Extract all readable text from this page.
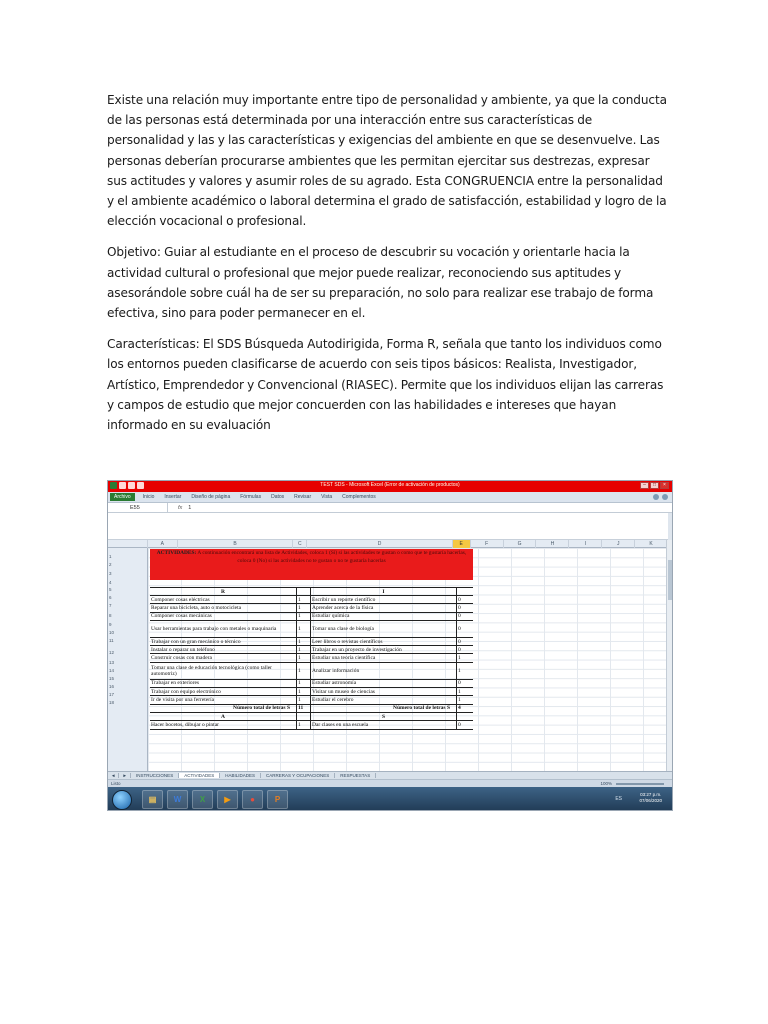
Existe una relación muy importante entre tipo de personalidad y ambiente, ya que la conducta de las personas está determinada por una interacción entre sus características de personalidad y las y las características y exigencias del ambiente en que se desenvuelve. Las personas deberían procurarse ambientes que les permitan ejercitar sus destrezas, expresar sus actitudes y valores y asumir roles de su agrado. Esta CONGRUENCIA entre la personalidad y el ambiente académico o laboral determina el grado de satisfacción, estabilidad y logro de la elección vocacional o profesional.

Objetivo: Guiar al estudiante en el proceso de descubrir su vocación y orientarle hacia la actividad cultural o profesional que mejor puede realizar, reconociendo sus aptitudes y asesorándole sobre cuál ha de ser su preparación, no solo para realizar ese trabajo de forma efectiva, sino para poder permanecer en el.

Características: El SDS Búsqueda Autodirigida, Forma R, señala que tanto los individuos como los entornos pueden clasificarse de acuerdo con seis tipos básicos: Realista, Investigador, Artístico, Emprendedor y Convencional (RIASEC). Permite que los individuos elijan las carreras y campos de estudio que mejor concuerden con las habilidades e intereses que hayan informado en su evaluación

TEST SDS - Microsoft Excel (Error de activación de productos)	–	□	×
Archivo	Inicio Insertar Diseño de página Fórmulas Datos Revisar Vista Complementos
E55	fx 1
A	B	C	D	E	F	G	H	I	J	K
1
2
3
4
5
6
7
8
9
10
11
12
13
14
15
16
17
18
ACTIVIDADES: A continuación encontrará una lista de Actividades, coloca 1 (Sí) si las actividades te gustan o como que te gustaría hacerlas, coloca 0 (No) si las actividades no te gustan o no te gustaría hacerlas
R	I
Componer cosas eléctricas	1	Escribir un reporte científico	0
Reparar una bicicleta, auto o motocicleta	1	Aprender acerca de la física	0
Componer cosas mecánicas	1	Estudiar química	0
Usar herramientas para trabajo con metales o maquinaria	1	Tomar una clase de biología	0
Trabajar con un gran mecánico o técnico	1	Leer libros o revistas científicos	0
Instalar o reparar un teléfono	1	Trabajar en un proyecto de investigación	0
Construir cosas con madera	1	Estudiar una teoría científica	1
Tomar una clase de educación tecnológica (como taller automotriz)	1	Analizar información	1
Trabajar en exteriores	1	Estudiar astronomía	0
Trabajar con equipo electrónico	1	Visitar un museo de ciencias	1
Ir de visita por una ferretería	1	Estudiar el cerebro	1
Número total de letras S	11	Número total de letras S	4
A	S
Hacer bocetos, dibujar o pintar	1	Dar clases en una escuela	0
◄	►	INSTRUCCIONES	ACTIVIDADES	HABILIDADES	CARRERAS Y OCUPACIONES	RESPUESTAS
Listo	100%
▤	W	X	▶	●	P	ES
03:27 p.m.
07/06/2020
